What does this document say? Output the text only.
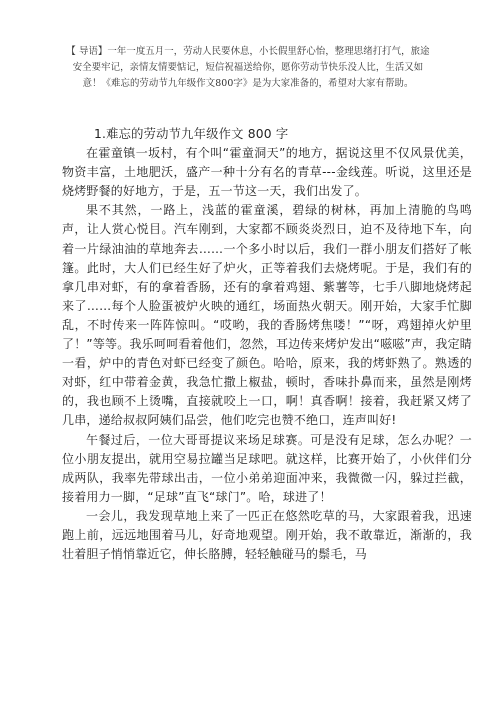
【 导语】一年一度五月一，劳动人民要休息，小长假里舒心怡，整理思绪打打气，旅途安全要牢记，亲情友情要惦记，短信祝福送给你，愿你劳动节快乐没人比，生活又如意！《难忘的劳动节九年级作文800字》是为大家准备的，希望对大家有帮助。

1.难忘的劳动节九年级作文 800 字

在霍童镇一坂村，有个叫“霍童洞天”的地方，据说这里不仅风景优美，物资丰富，土地肥沃，盛产一种十分有名的青草---金线莲。听说，这里还是烧烤野餐的好地方，于是，五一节这一天，我们出发了。

果不其然，一路上，浅蓝的霍童溪，碧绿的树林，再加上清脆的鸟鸣声，让人赏心悦目。汽车刚到，大家都不顾炎炎烈日，迫不及待地下车，向着一片绿油油的草地奔去……一个多小时以后，我们一群小朋友们搭好了帐篷。此时，大人们已经生好了炉火，正等着我们去烧烤呢。于是，我们有的拿几串对虾，有的拿着香肠，还有的拿着鸡翅、紫薯等，七手八脚地烧烤起来了……每个人脸蛋被炉火映的通红，场面热火朝天。刚开始，大家手忙脚乱，不时传来一阵阵惊叫。“哎哟，我的香肠烤焦喽！”“呀，鸡翅掉火炉里了！”等等。我乐呵呵看着他们，忽然，耳边传来烤炉发出“嗞嗞”声，我定睛一看，炉中的青色对虾已经变了颜色。哈哈，原来，我的烤虾熟了。熟透的对虾，红中带着金黄，我急忙撒上椒盐，顿时，香味扑鼻而来，虽然是刚烤的，我也顾不上烫嘴，直接就咬上一口，啊！真香啊！接着，我赶紧又烤了几串，递给叔叔阿姨们品尝，他们吃完也赞不绝口，连声叫好!

午餐过后，一位大哥哥提议来场足球赛。可是没有足球，怎么办呢？一位小朋友提出，就用空易拉罐当足球吧。就这样，比赛开始了，小伙伴们分成两队，我率先带球出击，一位小弟弟迎面冲来，我微微一闪，躲过拦截，接着用力一脚，“足球”直飞“球门”。哈，球进了！

一会儿，我发现草地上来了一匹正在悠然吃草的马，大家跟着我，迅速跑上前，远远地围着马儿，好奇地观望。刚开始，我不敢靠近，渐渐的，我壮着胆子悄悄靠近它，伸长胳膊，轻轻触碰马的鬃毛，马
